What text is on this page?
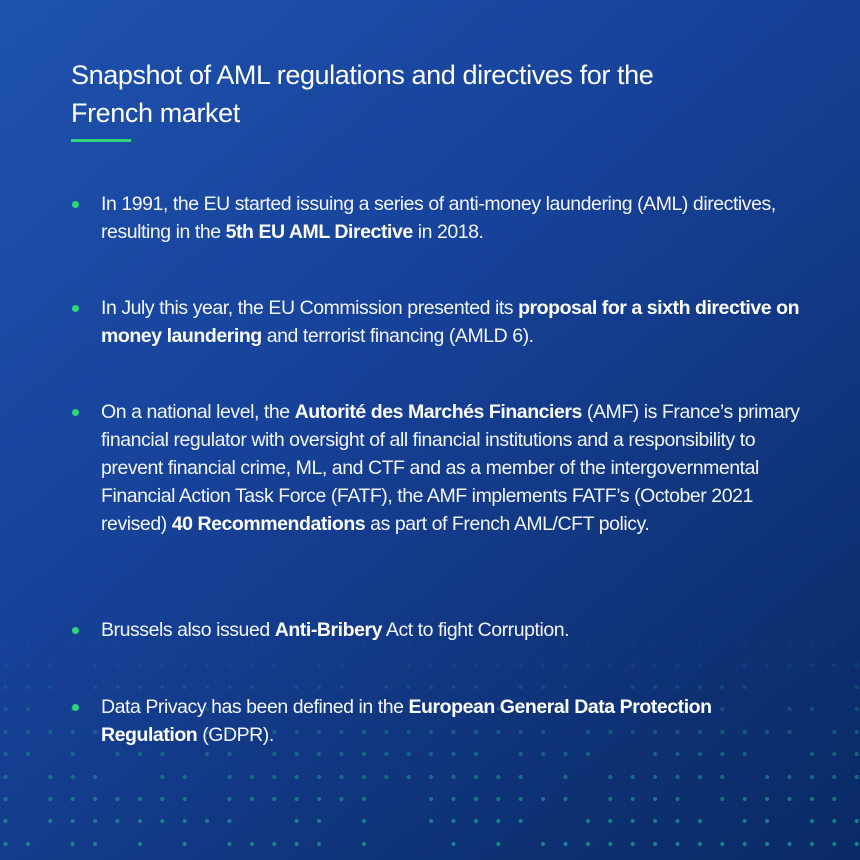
Snapshot of AML regulations and directives for the French market
In 1991, the EU started issuing a series of anti-money laundering (AML) directives, resulting in the 5th EU AML Directive in 2018.
In July this year, the EU Commission presented its proposal for a sixth directive on money laundering and terrorist financing (AMLD 6).
On a national level, the Autorité des Marchés Financiers (AMF) is France’s primary financial regulator with oversight of all financial institutions and a responsibility to prevent financial crime, ML, and CTF and as a member of the intergovernmental Financial Action Task Force (FATF), the AMF implements FATF’s (October 2021 revised) 40 Recommendations as part of French AML/CFT policy.
Brussels also issued Anti-Bribery Act to fight Corruption.
Data Privacy has been defined in the European General Data Protection Regulation (GDPR).
